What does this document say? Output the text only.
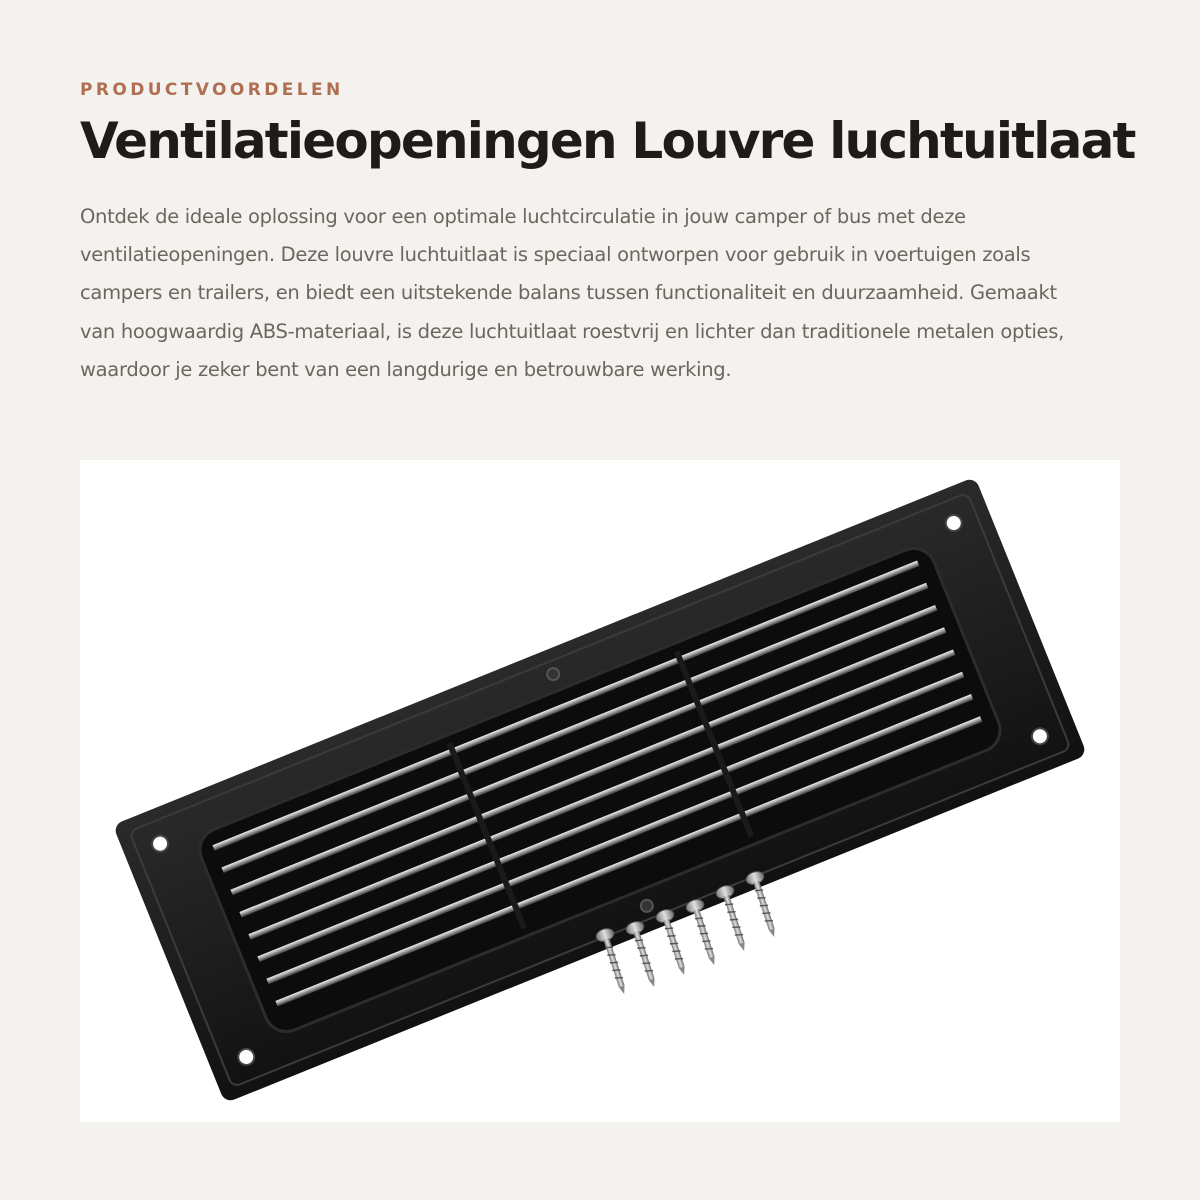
PRODUCTVOORDELEN
Ventilatieopeningen Louvre luchtuitlaat

Ontdek de ideale oplossing voor een optimale luchtcirculatie in jouw camper of bus met deze ventilatieopeningen. Deze louvre luchtuitlaat is speciaal ontworpen voor gebruik in voertuigen zoals campers en trailers, en biedt een uitstekende balans tussen functionaliteit en duurzaamheid. Gemaakt van hoogwaardig ABS-materiaal, is deze luchtuitlaat roestvrij en lichter dan traditionele metalen opties, waardoor je zeker bent van een langdurige en betrouwbare werking.
